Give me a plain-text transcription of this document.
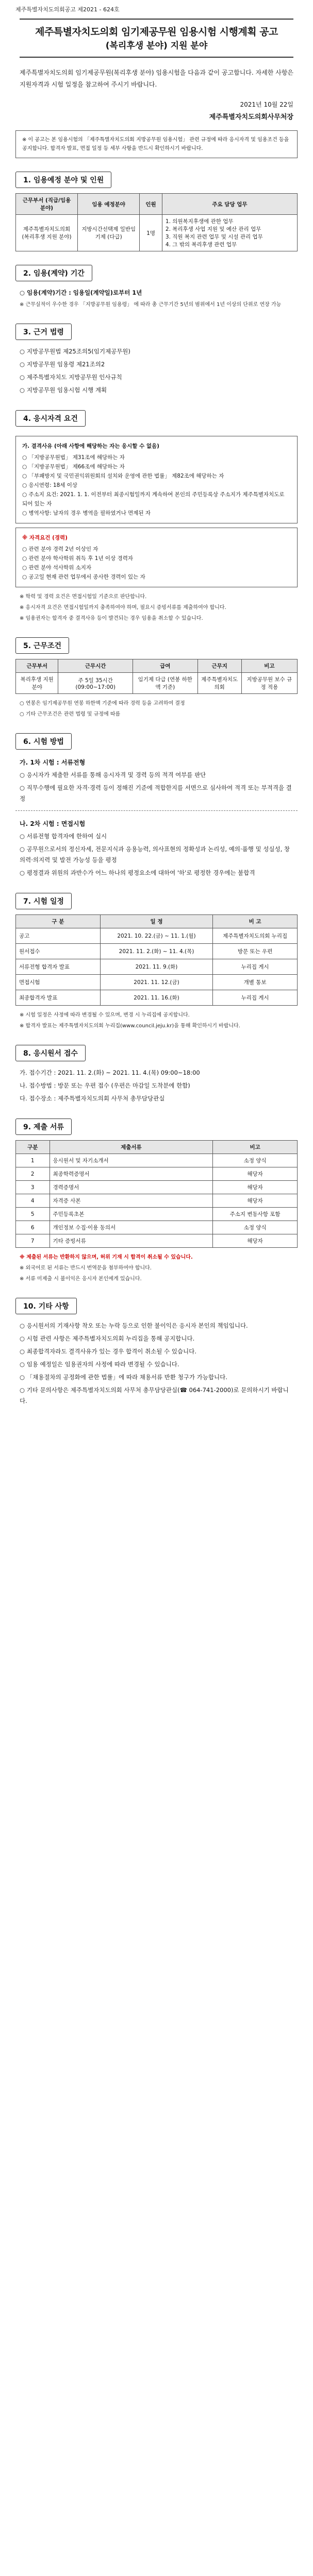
제주특별자치도의회공고 제2021 - 624호
제주특별자치도의회 임기제공무원 임용시험 시행계획 공고
(복리후생 분야) 지원 분야
제주특별자치도의회 임기제공무원(복리후생 분야) 임용시험을 다음과 같이 공고합니다. 자세한 사항은 지원자격과 시험 일정을 참고하여 주시기 바랍니다.
2021년 10월 22일
제주특별자치도의회사무처장
※ 이 공고는 본 임용시험의 「제주특별자치도의회 지방공무원 임용시험」 관련 규정에 따라 응시자격 및 임용조건 등을 공지합니다. 합격자 발표, 면접 일정 등 세부 사항을 반드시 확인하시기 바랍니다.
1. 임용예정 분야 및 인원
근무부서 (직급/임용 분야)	임용 예정분야	인원	주요 담당 업무
제주특별자치도의회 (복리후생 지원 분야)	지방시간선택제 일반임기제 (다급)	1명	1. 의원복지후생에 관한 업무
2. 복리후생 사업 지원 및 예산 관리 업무
3. 직원 복지 관련 업무 및 시설 관리 업무
4. 그 밖의 복리후생 관련 업무
2. 임용(계약) 기간
○ 임용(계약)기간 : 임용일(계약일)로부터 1년
※ 근무실적이 우수한 경우 「지방공무원 임용령」 에 따라 총 근무기간 5년의 범위에서 1년 이상의 단위로 연장 가능
3. 근거 법령
○ 지방공무원법 제25조의5(임기제공무원)
○ 지방공무원 임용령 제21조의2
○ 제주특별자치도 지방공무원 인사규칙
○ 지방공무원 임용시험 시행 계획
4. 응시자격 요건
가. 결격사유 (아래 사항에 해당하는 자는 응시할 수 없음)
○ 「지방공무원법」 제31조에 해당하는 자
○ 「지방공무원법」 제66조에 해당하는 자
○ 「부패방지 및 국민권익위원회의 설치와 운영에 관한 법률」 제82조에 해당하는 자
○ 응시연령: 18세 이상
○ 주소지 요건: 2021. 1. 1. 이전부터 최종시험일까지 계속하여 본인의 주민등록상 주소지가 제주특별자치도로 되어 있는 자
○ 병역사항: 남자의 경우 병역을 필하였거나 면제된 자
※ 자격요건 (경력)
○ 관련 분야 경력 2년 이상인 자
○ 관련 분야 학사학위 취득 후 1년 이상 경력자
○ 관련 분야 석사학위 소지자
○ 공고일 현재 관련 업무에서 종사한 경력이 있는 자
※ 학력 및 경력 요건은 면접시험일 기준으로 판단합니다.
※ 응시자격 요건은 면접시험일까지 충족하여야 하며, 필요시 증빙서류를 제출하여야 합니다.
※ 임용권자는 합격자 중 결격사유 등이 발견되는 경우 임용을 취소할 수 있습니다.
5. 근무조건
근무부서	근무시간	급여	근무지	비고
복리후생 지원 분야	주 5일 35시간 (09:00~17:00)	임기제 다급 (연봉 하한액 기준)	제주특별자치도의회	지방공무원 보수 규정 적용
○ 연봉은 임기제공무원 연봉 하한액 기준에 따라 경력 등을 고려하여 결정
○ 기타 근무조건은 관련 법령 및 규정에 따름
6. 시험 방법
가. 1차 시험 : 서류전형
○ 응시자가 제출한 서류를 통해 응시자격 및 경력 등의 적격 여부를 판단
○ 직무수행에 필요한 자격·경력 등이 정해진 기준에 적합한지를 서면으로 심사하여 적격 또는 부적격을 결정
나. 2차 시험 : 면접시험
○ 서류전형 합격자에 한하여 실시
○ 공무원으로서의 정신자세, 전문지식과 응용능력, 의사표현의 정확성과 논리성, 예의·품행 및 성실성, 창의력·의지력 및 발전 가능성 등을 평정
○ 평정결과 위원의 과반수가 어느 하나의 평정요소에 대하여 '하'로 평정한 경우에는 불합격
7. 시험 일정
구 분	일 정	비 고
공고	2021. 10. 22.(금) ~ 11. 1.(월)	제주특별자치도의회 누리집
원서접수	2021. 11. 2.(화) ~ 11. 4.(목)	방문 또는 우편
서류전형 합격자 발표	2021. 11. 9.(화)	누리집 게시
면접시험	2021. 11. 12.(금)	개별 통보
최종합격자 발표	2021. 11. 16.(화)	누리집 게시
※ 시험 일정은 사정에 따라 변경될 수 있으며, 변경 시 누리집에 공지합니다.
※ 합격자 발표는 제주특별자치도의회 누리집(www.council.jeju.kr)을 통해 확인하시기 바랍니다.
8. 응시원서 접수
가. 접수기간 : 2021. 11. 2.(화) ~ 2021. 11. 4.(목) 09:00~18:00
나. 접수방법 : 방문 또는 우편 접수 (우편은 마감일 도착분에 한함)
다. 접수장소 : 제주특별자치도의회 사무처 총무담당관실
9. 제출 서류
구분	제출서류	비고
1	응시원서 및 자기소개서	소정 양식
2	최종학력증명서	해당자
3	경력증명서	해당자
4	자격증 사본	해당자
5	주민등록초본	주소지 변동사항 포함
6	개인정보 수집·이용 동의서	소정 양식
7	기타 증빙서류	해당자
※ 제출된 서류는 반환하지 않으며, 허위 기재 시 합격이 취소될 수 있습니다.
※ 외국어로 된 서류는 반드시 번역문을 첨부하여야 합니다.
※ 서류 미제출 시 불이익은 응시자 본인에게 있습니다.
10. 기타 사항
○ 응시원서의 기재사항 착오 또는 누락 등으로 인한 불이익은 응시자 본인의 책임입니다.
○ 시험 관련 사항은 제주특별자치도의회 누리집을 통해 공지합니다.
○ 최종합격자라도 결격사유가 있는 경우 합격이 취소될 수 있습니다.
○ 임용 예정일은 임용권자의 사정에 따라 변경될 수 있습니다.
○ 「채용절차의 공정화에 관한 법률」에 따라 채용서류 반환 청구가 가능합니다.
○ 기타 문의사항은 제주특별자치도의회 사무처 총무담당관실(☎ 064-741-2000)로 문의하시기 바랍니다.
